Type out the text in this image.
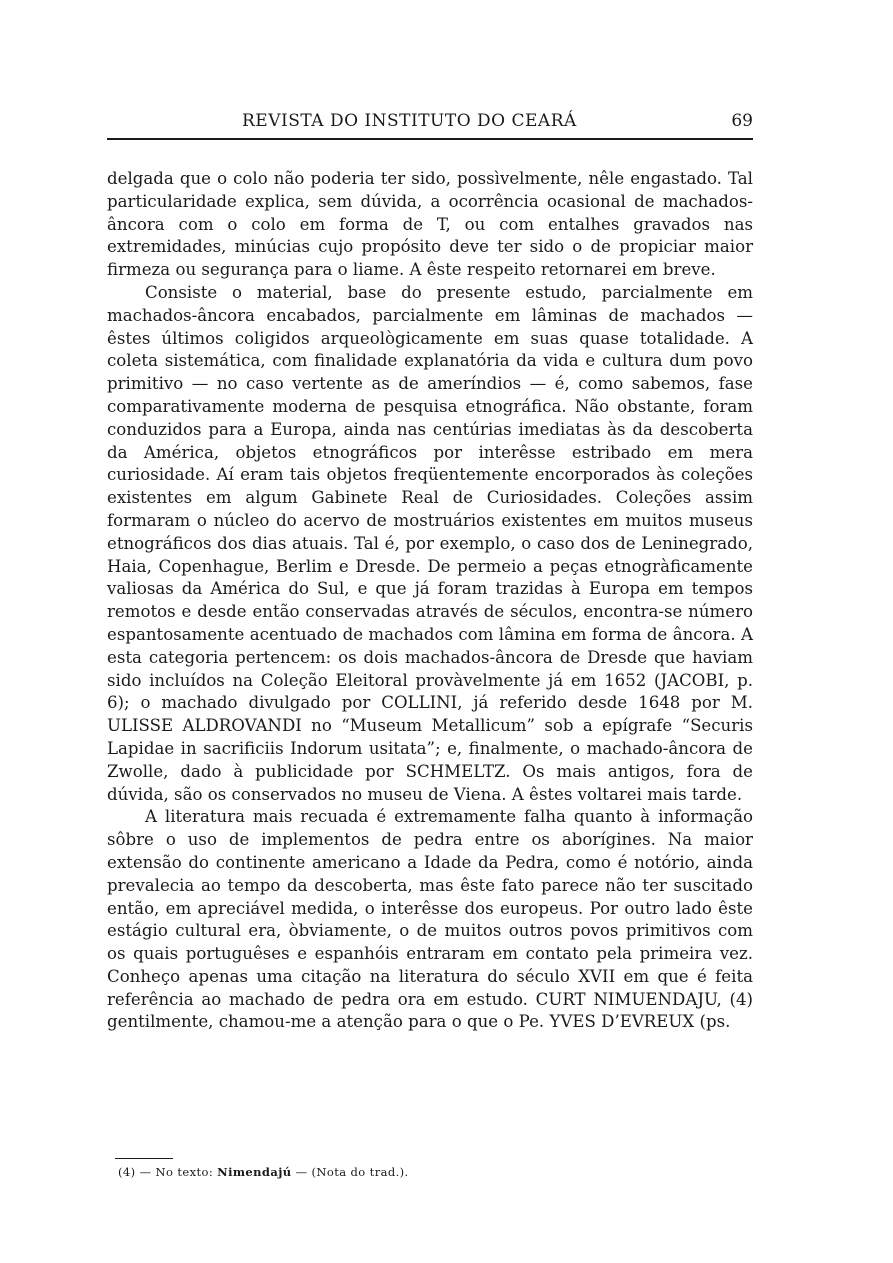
REVISTA DO INSTITUTO DO CEARÁ	69

delgada que o colo não poderia ter sido, possìvelmente, nêle engastado. Tal particularidade explica, sem dúvida, a ocorrência ocasional de machados-âncora com o colo em forma de T, ou com entalhes gravados nas extremidades, minúcias cujo propósito deve ter sido o de propiciar maior firmeza ou segurança para o liame. A êste respeito retornarei em breve.

Consiste o material, base do presente estudo, parcialmente em machados-âncora encabados, parcialmente em lâminas de machados — êstes últimos coligidos arqueològicamente em suas quase totalidade. A coleta sistemática, com finalidade explanatória da vida e cultura dum povo primitivo — no caso vertente as de ameríndios — é, como sabemos, fase comparativamente moderna de pesquisa etnográfica. Não obstante, foram conduzidos para a Europa, ainda nas centúrias imediatas às da descoberta da América, objetos etnográficos por interêsse estribado em mera curiosidade. Aí eram tais objetos freqüentemente encorporados às coleções existentes em algum Gabinete Real de Curiosidades. Coleções assim formaram o núcleo do acervo de mostruários existentes em muitos museus etnográficos dos dias atuais. Tal é, por exemplo, o caso dos de Leninegrado, Haia, Copenhague, Berlim e Dresde. De permeio a peças etnogràficamente valiosas da América do Sul, e que já foram trazidas à Europa em tempos remotos e desde então conservadas através de séculos, encontra-se número espantosamente acentuado de machados com lâmina em forma de âncora. A esta categoria pertencem: os dois machados-âncora de Dresde que haviam sido incluídos na Coleção Eleitoral provàvelmente já em 1652 (JACOBI, p. 6); o machado divulgado por COLLINI, já referido desde 1648 por M. ULISSE ALDROVANDI no “Museum Metallicum” sob a epígrafe “Securis Lapidae in sacrificiis Indorum usitata”; e, finalmente, o machado-âncora de Zwolle, dado à publicidade por SCHMELTZ. Os mais antigos, fora de dúvida, são os conservados no museu de Viena. A êstes voltarei mais tarde.

A literatura mais recuada é extremamente falha quanto à informação sôbre o uso de implementos de pedra entre os aborígines. Na maior extensão do continente americano a Idade da Pedra, como é notório, ainda prevalecia ao tempo da descoberta, mas êste fato parece não ter suscitado então, em apreciável medida, o interêsse dos europeus. Por outro lado êste estágio cultural era, òbviamente, o de muitos outros povos primitivos com os quais portuguêses e espanhóis entraram em contato pela primeira vez. Conheço apenas uma citação na literatura do século XVII em que é feita referência ao machado de pedra ora em estudo. CURT NIMUENDAJU, (4) gentilmente, chamou-me a atenção para o que o Pe. YVES D’EVREUX (ps.

(4) — No texto: Nimendajú — (Nota do trad.).
